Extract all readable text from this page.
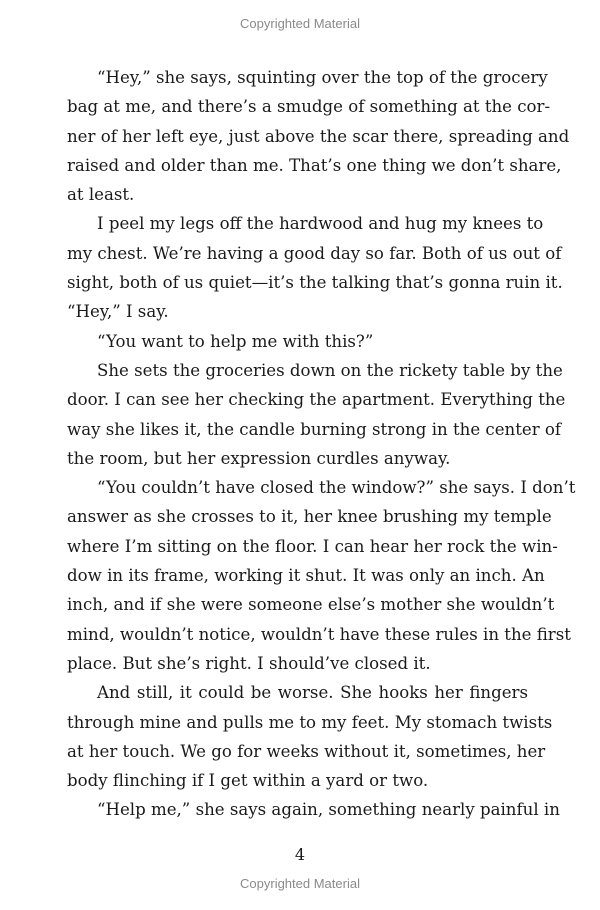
Copyrighted Material
“Hey,” she says, squinting over the top of the grocery
bag at me, and there’s a smudge of something at the cor-
ner of her left eye, just above the scar there, spreading and
raised and older than me. That’s one thing we don’t share,
at least.
I peel my legs off the hardwood and hug my knees to
my chest. We’re having a good day so far. Both of us out of
sight, both of us quiet—it’s the talking that’s gonna ruin it.
“Hey,” I say.
“You want to help me with this?”
She sets the groceries down on the rickety table by the
door. I can see her checking the apartment. Everything the
way she likes it, the candle burning strong in the center of
the room, but her expression curdles anyway.
“You couldn’t have closed the window?” she says. I don’t
answer as she crosses to it, her knee brushing my temple
where I’m sitting on the floor. I can hear her rock the win-
dow in its frame, working it shut. It was only an inch. An
inch, and if she were someone else’s mother she wouldn’t
mind, wouldn’t notice, wouldn’t have these rules in the first
place. But she’s right. I should’ve closed it.
And still, it could be worse. She hooks her fingers
through mine and pulls me to my feet. My stomach twists
at her touch. We go for weeks without it, sometimes, her
body flinching if I get within a yard or two.
“Help me,” she says again, something nearly painful in
4
Copyrighted Material
